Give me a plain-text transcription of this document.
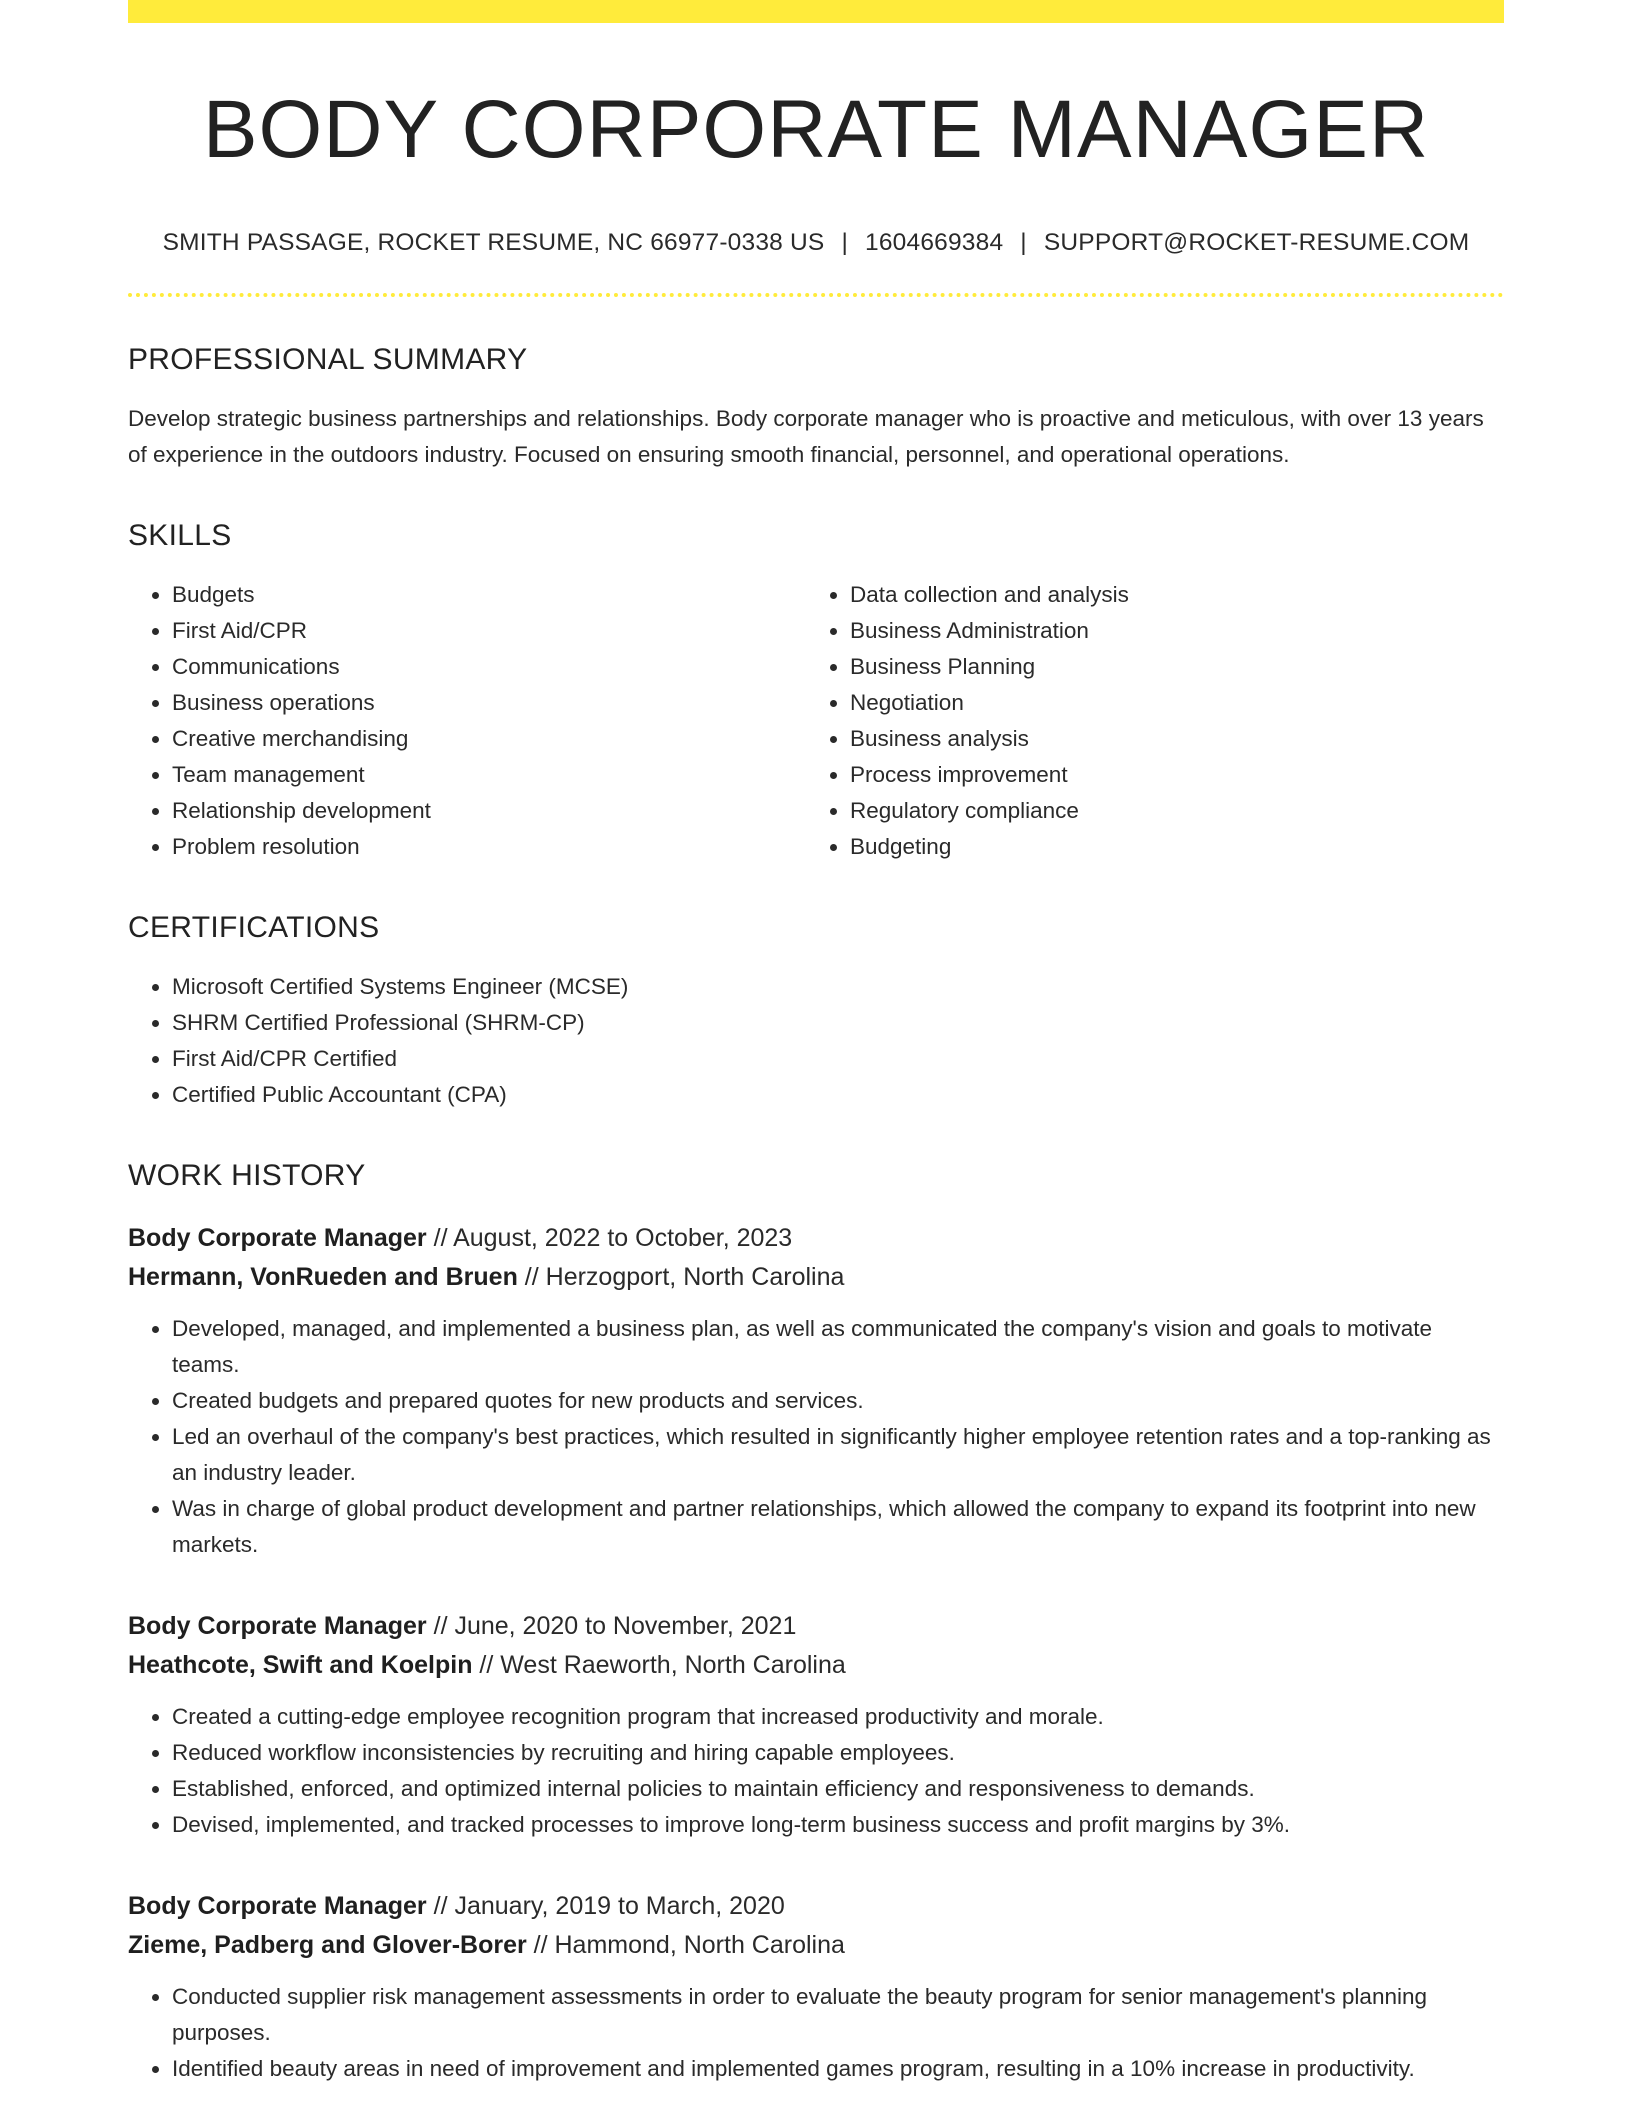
BODY CORPORATE MANAGER
SMITH PASSAGE, ROCKET RESUME, NC 66977-0338 US | 1604669384 | SUPPORT@ROCKET-RESUME.COM
PROFESSIONAL SUMMARY

Develop strategic business partnerships and relationships. Body corporate manager who is proactive and meticulous, with over 13 years of experience in the outdoors industry. Focused on ensuring smooth financial, personnel, and operational operations.

SKILLS
• Budgets
• First Aid/CPR
• Communications
• Business operations
• Creative merchandising
• Team management
• Relationship development
• Problem resolution
• Data collection and analysis
• Business Administration
• Business Planning
• Negotiation
• Business analysis
• Process improvement
• Regulatory compliance
• Budgeting
CERTIFICATIONS
• Microsoft Certified Systems Engineer (MCSE)
• SHRM Certified Professional (SHRM-CP)
• First Aid/CPR Certified
• Certified Public Accountant (CPA)
WORK HISTORY
Body Corporate Manager // August, 2022 to October, 2023
Hermann, VonRueden and Bruen // Herzogport, North Carolina
• Developed, managed, and implemented a business plan, as well as communicated the company's vision and goals to motivate teams.
• Created budgets and prepared quotes for new products and services.
• Led an overhaul of the company's best practices, which resulted in significantly higher employee retention rates and a top-ranking as an industry leader.
• Was in charge of global product development and partner relationships, which allowed the company to expand its footprint into new markets.
Body Corporate Manager // June, 2020 to November, 2021
Heathcote, Swift and Koelpin // West Raeworth, North Carolina
• Created a cutting-edge employee recognition program that increased productivity and morale.
• Reduced workflow inconsistencies by recruiting and hiring capable employees.
• Established, enforced, and optimized internal policies to maintain efficiency and responsiveness to demands.
• Devised, implemented, and tracked processes to improve long-term business success and profit margins by 3%.
Body Corporate Manager // January, 2019 to March, 2020
Zieme, Padberg and Glover-Borer // Hammond, North Carolina
• Conducted supplier risk management assessments in order to evaluate the beauty program for senior management's planning purposes.
• Identified beauty areas in need of improvement and implemented games program, resulting in a 10% increase in productivity.
